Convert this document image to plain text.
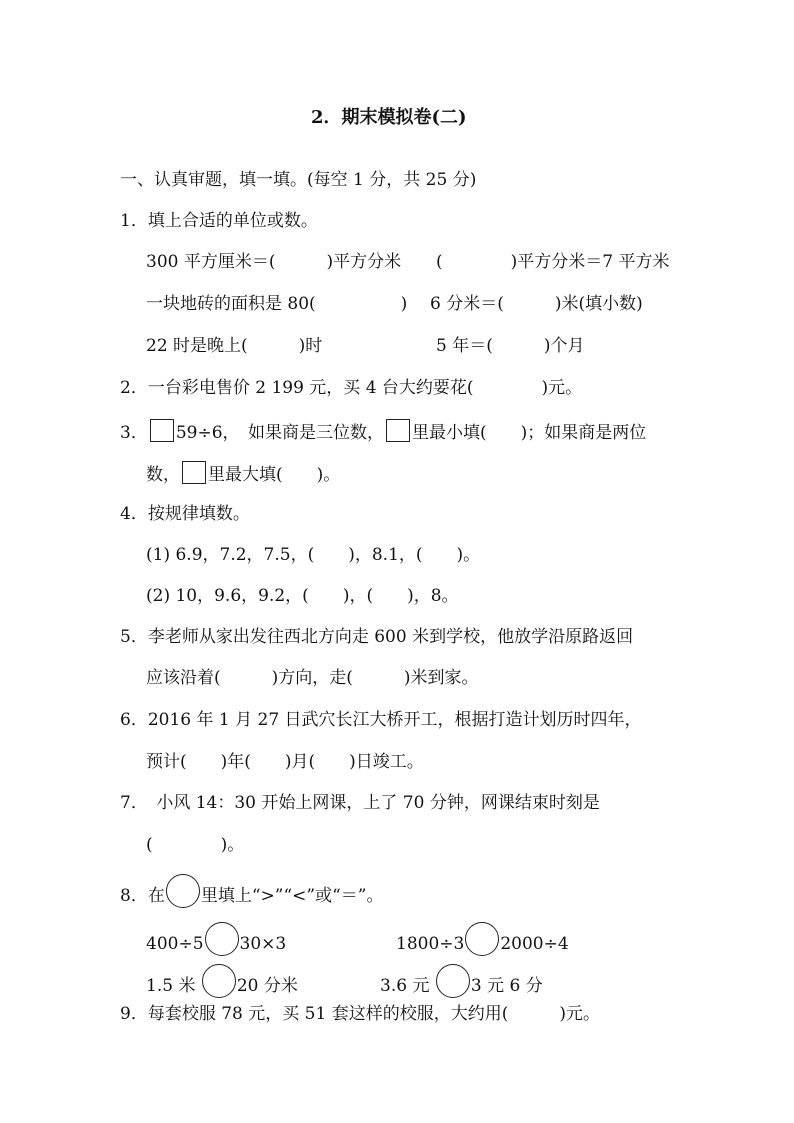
2．期末模拟卷(二)
一、认真审题，填一填。(每空 1 分，共 25 分)
1．填上合适的单位或数。
300 平方厘米＝(　　　)平方分米 (　　　　)平方分米＝7 平方米
一块地砖的面积是 80(　　　　　) 6 分米＝(　　　)米(填小数)
22 时是晚上(　　　)时	5 年＝(　　　)个月
2．一台彩电售价 2 199 元，买 4 台大约要花(　　　　)元。
3． 59÷6，　如果商是三位数， 里最小填(　　)；如果商是两位
数， 里最大填(　　)。
4．按规律填数。
(1) 6.9，7.2，7.5，(　　)，8.1，(　　)。
(2) 10，9.6，9.2，(　　)，(　　)，8。
5．李老师从家出发往西北方向走 600 米到学校，他放学沿原路返回
应该沿着(　　　)方向，走(　　　)米到家。
6．2016 年 1 月 27 日武穴长江大桥开工，根据打造计划历时四年，
预计(　　)年(　　)月(　　)日竣工。
7．　小风 14：30 开始上网课，上了 70 分钟，网课结束时刻是
(　　　　)。
8．在 里填上“>”“<”或“＝”。
400÷5 30×3	1800÷3 2000÷4
1.5 米 20 分米	3.6 元 3 元 6 分
9．每套校服 78 元，买 51 套这样的校服，大约用(　　　)元。
